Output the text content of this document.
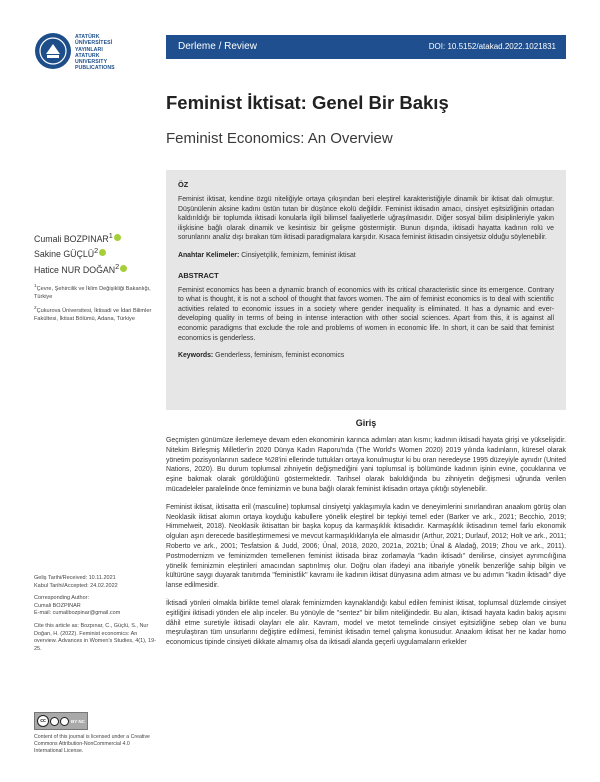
ATATÜRK
ÜNİVERSİTESİ
YAYINLARI
ATATURK
UNIVERSITY
PUBLICATIONS
Derleme / Review	DOI: 10.5152/atakad.2022.1021831
Feminist İktisat: Genel Bir Bakış
Feminist Economics: An Overview
ÖZ

Feminist iktisat, kendine özgü niteliğiyle ortaya çıkışından beri eleştirel karakteristiğiyle dinamik bir iktisat dalı olmuştur. Düşünülenin aksine kadını üstün tutan bir düşünce ekolü değildir. Feminist iktisadın amacı, cinsiyet eşitsizliğinin ortadan kaldırıldığı bir toplumda iktisadi konularla ilgili bilimsel faaliyetlerle uğraşılmasıdır. Diğer sosyal bilim disiplinleriyle yakın ilişkisine bağlı olarak dinamik ve kesintisiz bir gelişme göstermiştir. Bunun dışında, iktisadi hayatta kadının rolü ve sorunlarını analiz dışı bırakan tüm iktisadi paradigmalara karşıdır. Kısaca feminist iktisadın cinsiyetsiz olduğu söylenebilir.

Anahtar Kelimeler: Cinsiyetçilik, feminizm, feminist iktisat

ABSTRACT

Feminist economics has been a dynamic branch of economics with its critical characteristic since its emergence. Contrary to what is thought, it is not a school of thought that favors women. The aim of feminist economics is to deal with scientific activities related to economic issues in a society where gender inequality is eliminated. It has a dynamic and ever-developing quality in terms of being in intense interaction with other social sciences. Apart from this, it is against all economic paradigms that exclude the role and problems of women in economic life. In short, it can be said that feminist economics is genderless.

Keywords: Genderless, feminism, feminist economics

Cumali BOZPINAR$^1$
Sakine GÜÇLÜ$^2$
Hatice NUR DOĞAN$^2$

$^1$Çevre, Şehircilik ve İklim Değişikliği Bakanlığı, Türkiye

$^2$Çukurova Üniversitesi, İktisadi ve İdari Bilimler Fakültesi, İktisat Bölümü, Adana, Türkiye

Geliş Tarihi/Received: 10.11.2021
Kabul Tarihi/Accepted: 24.02.2022
Corresponding Author:
Cumali BOZPINAR
E-mail: cumalibozpinar@gmail.com
Cite this article as: Bozpınar, C., Güçlü, S., Nur Doğan, H. (2022). Feminist economics: An overview. Advances in Women's Studies, 4(1), 19-25.
cc	BY NC

Content of this journal is licensed under a Creative Commons Attribution-NonCommercial 4.0 International License.

Giriş

Geçmişten günümüze ilerlemeye devam eden ekonominin karınca adımları atan kısmı; kadının iktisadi hayata girişi ve yükselişidir. Nitekim Birleşmiş Milletler'in 2020 Dünya Kadın Raporu'nda (The World's Women 2020) 2019 yılında kadınların, küresel olarak yönetim pozisyonlarının sadece %28'ini ellerinde tuttukları ortaya konulmuştur ki bu oran neredeyse 1995 düzeyiyle aynıdır (United Nations, 2020). Bu durum toplumsal zihniyetin değişmediğini yani toplumsal iş bölümünde kadının işinin evine, çocuklarına ve eşine bakmak olarak görüldüğünü göstermektedir. Tarihsel olarak bakıldığında bu zihniyetin değişmesi uğrunda verilen mücadeleler paralelinde önce feminizmin ve buna bağlı olarak feminist iktisadın ortaya çıktığı söylenebilir.

Feminist iktisat, iktisatta eril (masculine) toplumsal cinsiyetçi yaklaşımıyla kadın ve deneyimlerini sınırlandıran anaakım görüş olan Neoklasik iktisat akımın ortaya koyduğu kabullere yönelik eleştirel bir tepkiyi temel eder (Barker ve ark., 2021; Becchio, 2019; Himmelweit, 2018). Neoklasik iktisattan bir başka kopuş da karmaşıklık iktisadıdır. Karmaşıklık iktisadının temel farkı ekonomik olguları aşırı derecede basitleştirmemesi ve mevcut karmaşıklıklarıyla ele almasıdır (Arthur, 2021; Durlauf, 2012; Holt ve ark., 2011; Roberto ve ark., 2001; Tesfatsion & Judd, 2006; Ünal, 2018, 2020, 2021a, 2021b; Ünal & Aladağ, 2019; Zhou ve ark., 2011). Postmodernizm ve feminizmden temellenen feminist iktisada biraz zorlamayla "kadın iktisadı" denilirse, cinsiyet ayrımcılığına yönelik feminizmin eleştirileri amacından saptırılmış olur. Doğru olan ifadeyi ana itibariyle yönelik benzerliğe sahip bilgin ve kültürüne saygı duyarak tanıtımda "feministlik" kavramı ile kadının iktisat dünyasına adım atması ve bu adımın "kadın iktisadı" diye lanse edilmesidir.

İktisadi yönleri olmakla birlikte temel olarak feminizmden kaynaklandığı kabul edilen feminist iktisat, toplumsal düzlemde cinsiyet eşitliğini iktisadi yönden ele alıp inceler. Bu yönüyle de "sentez" bir bilim niteliğindedir. Bu alan, iktisadi hayata kadın bakış açısını dâhil etme suretiyle iktisadi olayları ele alır. Kavram, model ve metot temelinde cinsiyet eşitsizliğine sebep olan ve bunu meşrulaştıran tüm unsurlarını değiştire edilmesi, feminist iktisadın temel çalışma konusudur. Anaakım iktisat her ne kadar homo economicus tipinde cinsiyeti dikkate almamış olsa da iktisadi alanda geçerli uygulamaların erkekler
